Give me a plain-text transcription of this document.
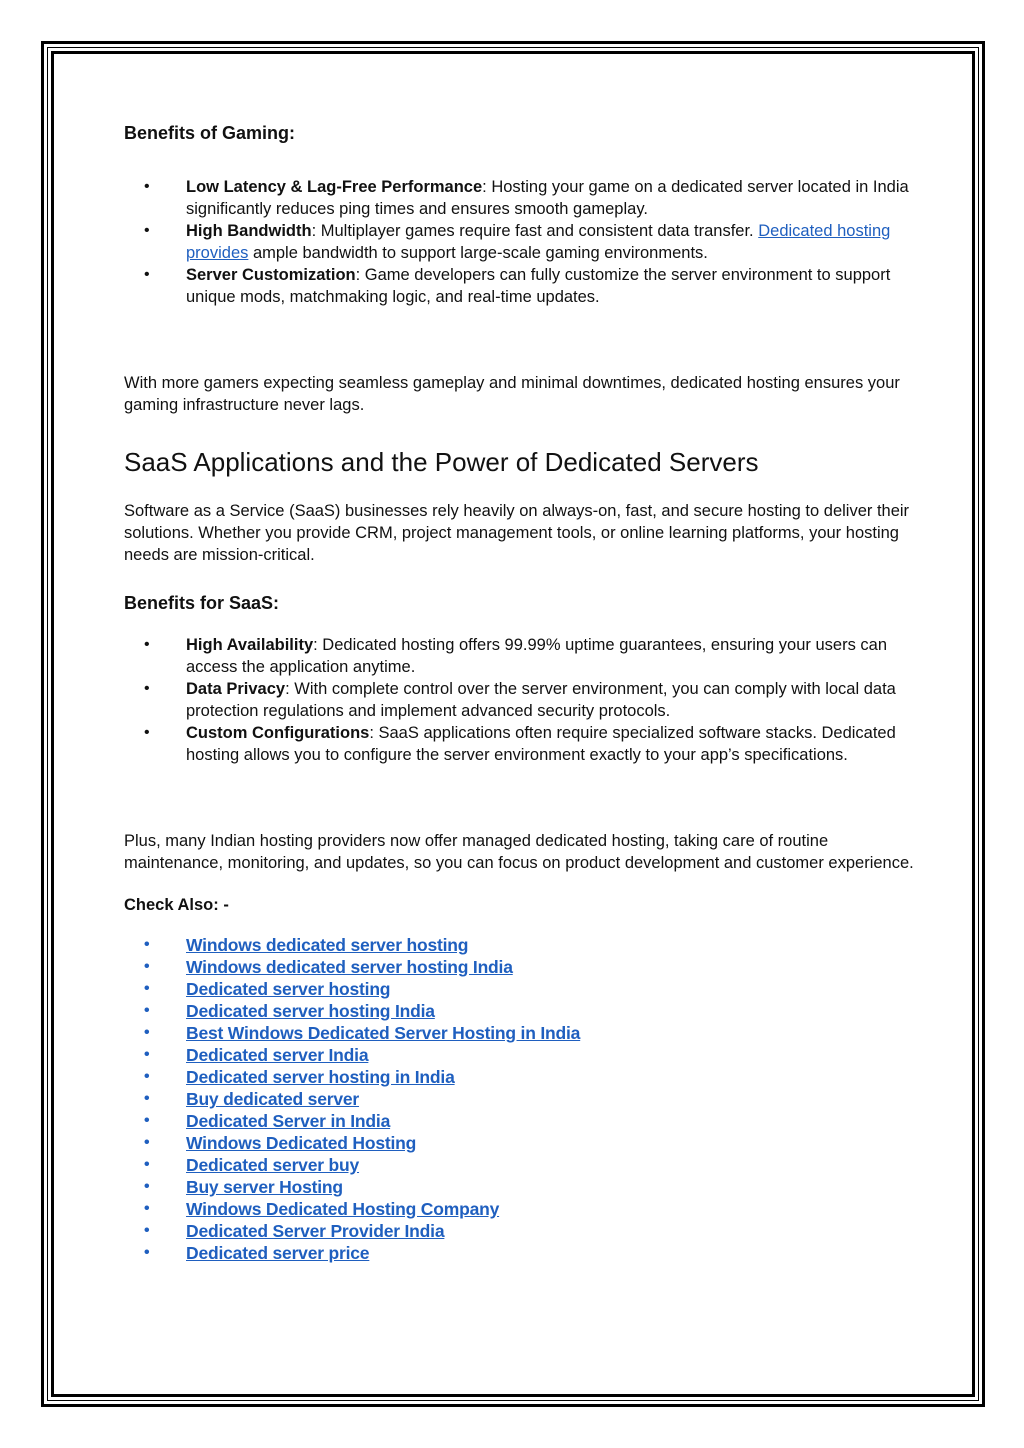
Benefits of Gaming:
• Low Latency & Lag-Free Performance: Hosting your game on a dedicated server located in India significantly reduces ping times and ensures smooth gameplay.
• High Bandwidth: Multiplayer games require fast and consistent data transfer. Dedicated hosting provides ample bandwidth to support large-scale gaming environments.
• Server Customization: Game developers can fully customize the server environment to support unique mods, matchmaking logic, and real-time updates.

With more gamers expecting seamless gameplay and minimal downtimes, dedicated hosting ensures your gaming infrastructure never lags.

SaaS Applications and the Power of Dedicated Servers

Software as a Service (SaaS) businesses rely heavily on always-on, fast, and secure hosting to deliver their solutions. Whether you provide CRM, project management tools, or online learning platforms, your hosting needs are mission-critical.

Benefits for SaaS:
• High Availability: Dedicated hosting offers 99.99% uptime guarantees, ensuring your users can access the application anytime.
• Data Privacy: With complete control over the server environment, you can comply with local data protection regulations and implement advanced security protocols.
• Custom Configurations: SaaS applications often require specialized software stacks. Dedicated hosting allows you to configure the server environment exactly to your app’s specifications.

Plus, many Indian hosting providers now offer managed dedicated hosting, taking care of routine maintenance, monitoring, and updates, so you can focus on product development and customer experience.

Check Also: -

• Windows dedicated server hosting
• Windows dedicated server hosting India
• Dedicated server hosting
• Dedicated server hosting India
• Best Windows Dedicated Server Hosting in India
• Dedicated server India
• Dedicated server hosting in India
• Buy dedicated server
• Dedicated Server in India
• Windows Dedicated Hosting
• Dedicated server buy
• Buy server Hosting
• Windows Dedicated Hosting Company
• Dedicated Server Provider India
• Dedicated server price
